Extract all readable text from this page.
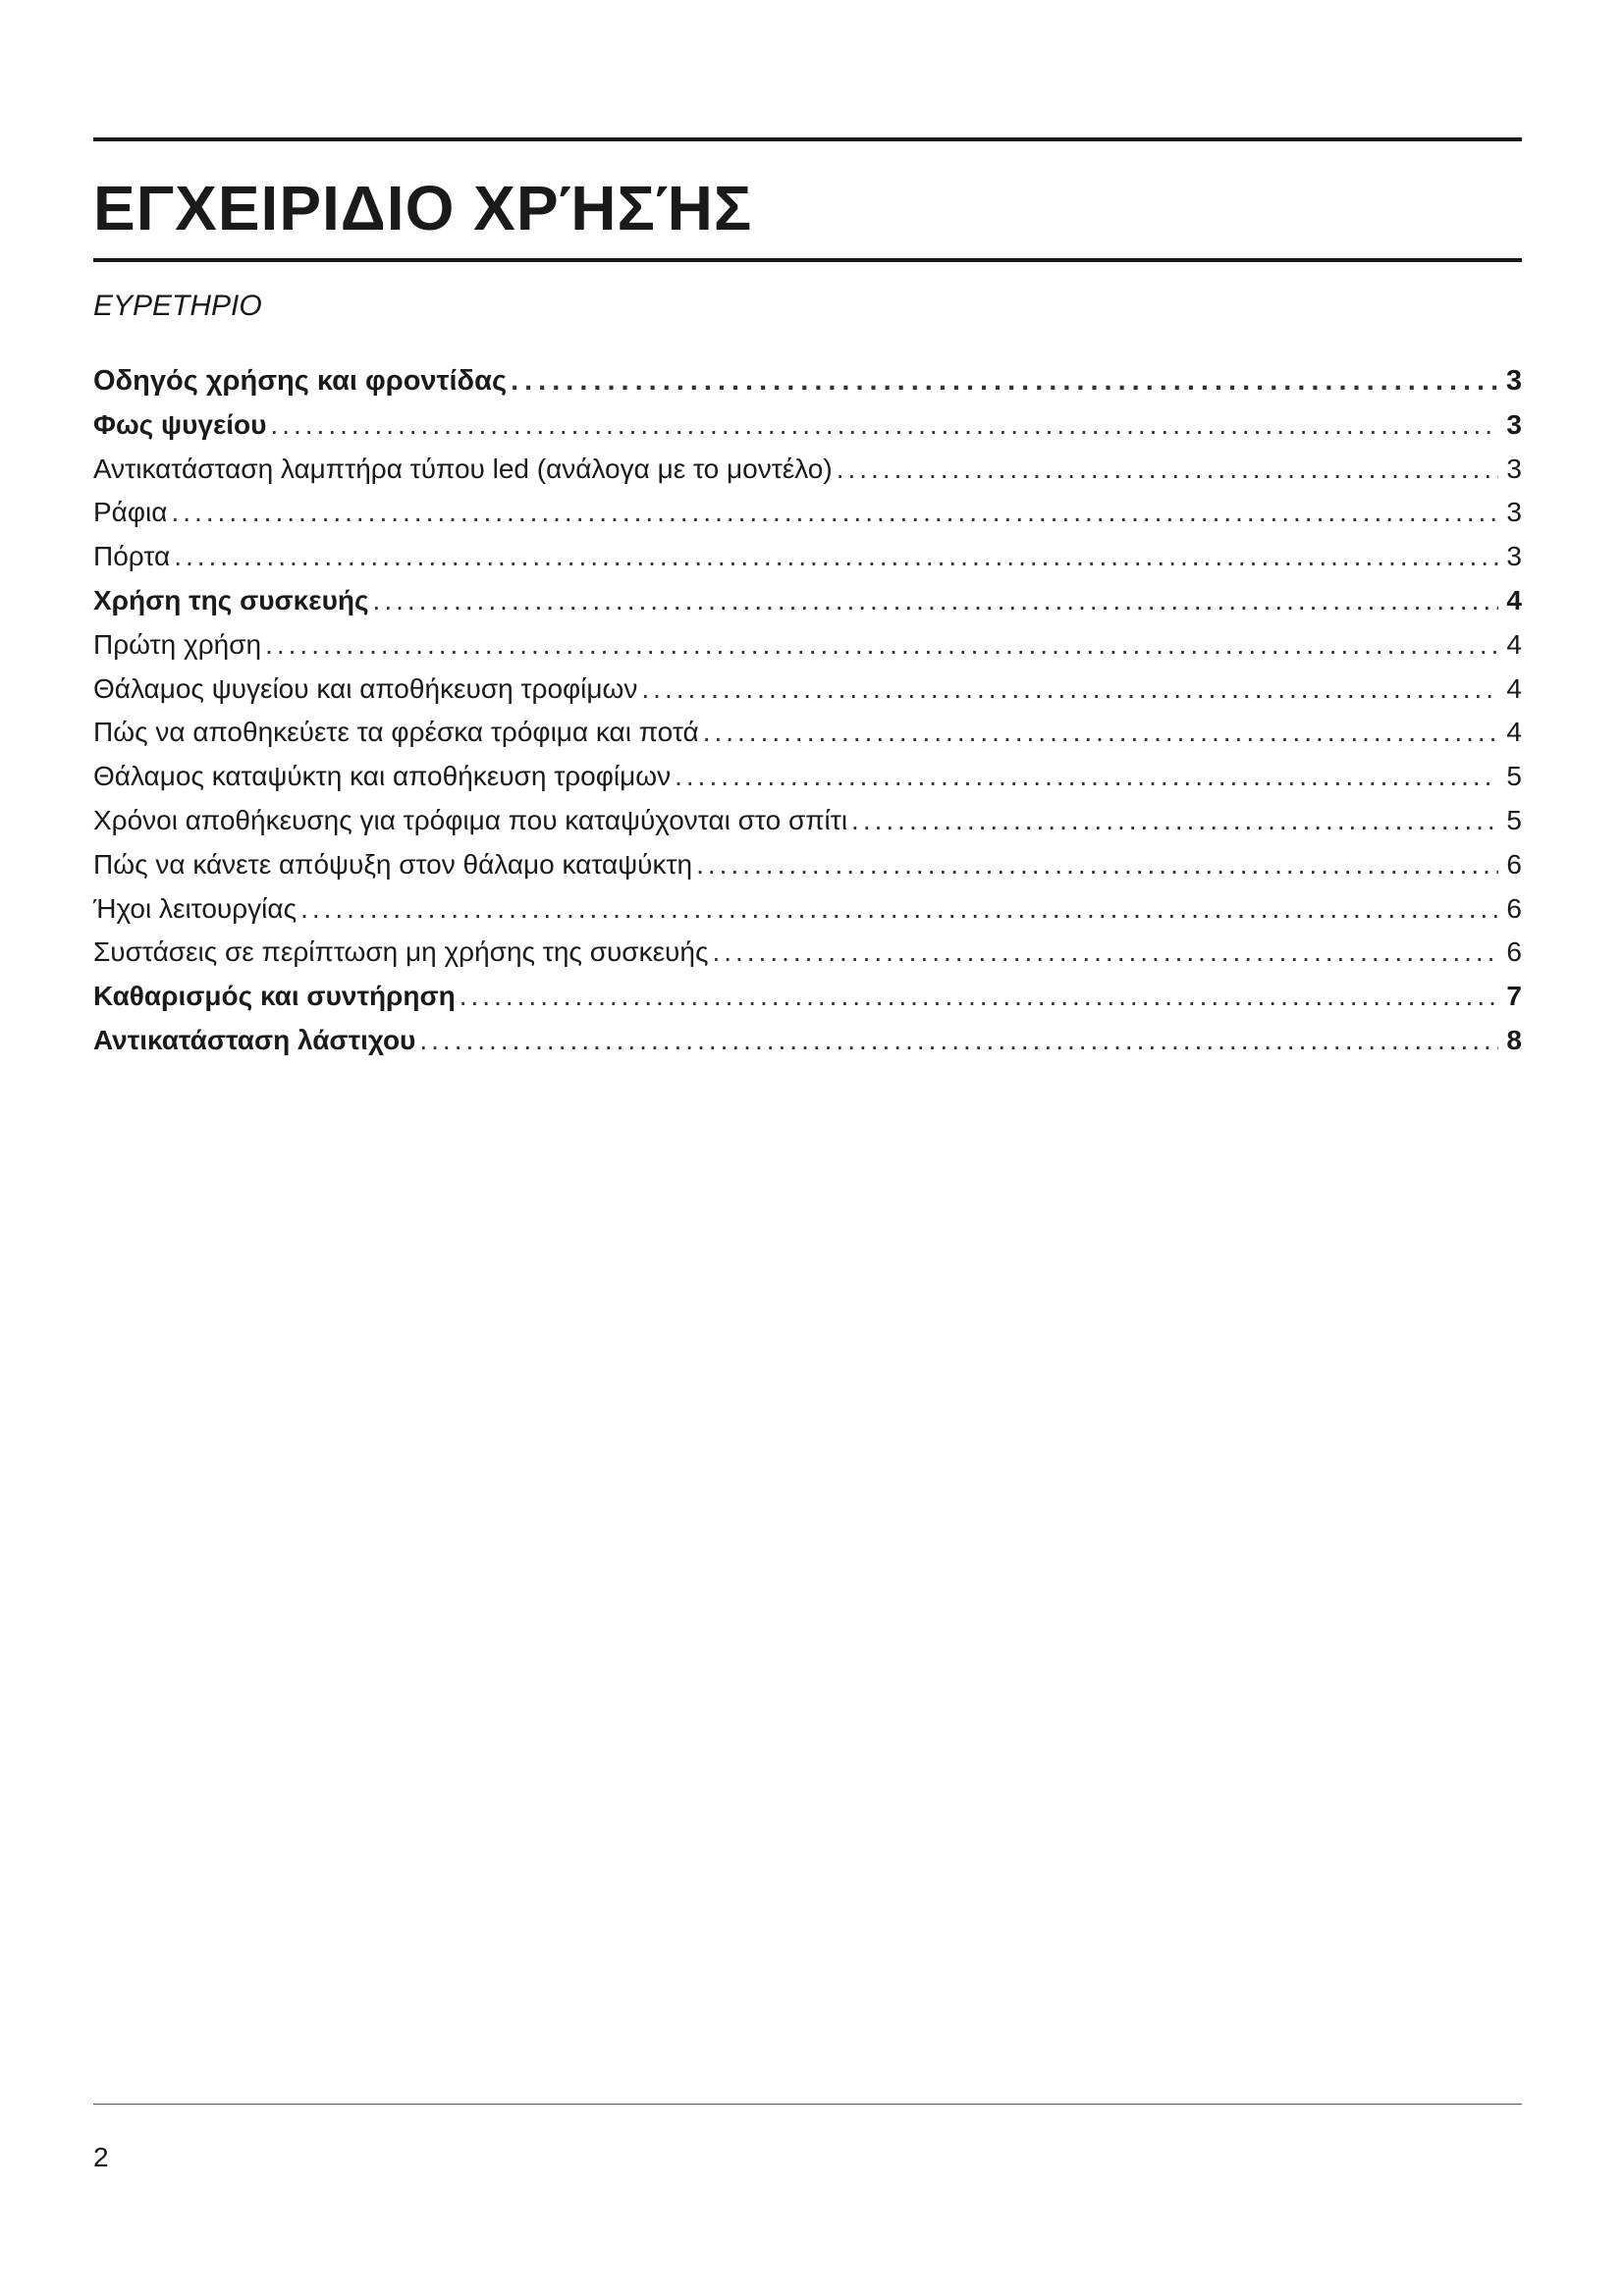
ΕΓΧΕΙΡΙΔΙΟ ΧΡΉΣΉΣ
ΕΥΡΕΤΗΡΙΟ
Οδηγός χρήσης και φροντίδας .....	3
Φως ψυγείου .....	3
Αντικατάσταση λαμπτήρα τύπου led (ανάλογα με το μοντέλο) .....	3
Ράφια .....	3
Πόρτα .....	3
Χρήση της συσκευής .....	4
Πρώτη χρήση .....	4
Θάλαμος ψυγείου και αποθήκευση τροφίμων .....	4
Πώς να αποθηκεύετε τα φρέσκα τρόφιμα και ποτά .....	4
Θάλαμος καταψύκτη και αποθήκευση τροφίμων .....	5
Χρόνοι αποθήκευσης για τρόφιμα που καταψύχονται στο σπίτι .....	5
Πώς να κάνετε απόψυξη στον θάλαμο καταψύκτη .....	6
Ήχοι λειτουργίας .....	6
Συστάσεις σε περίπτωση μη χρήσης της συσκευής .....	6
Καθαρισμός και συντήρηση .....	7
Αντικατάσταση λάστιχου .....	8
2
